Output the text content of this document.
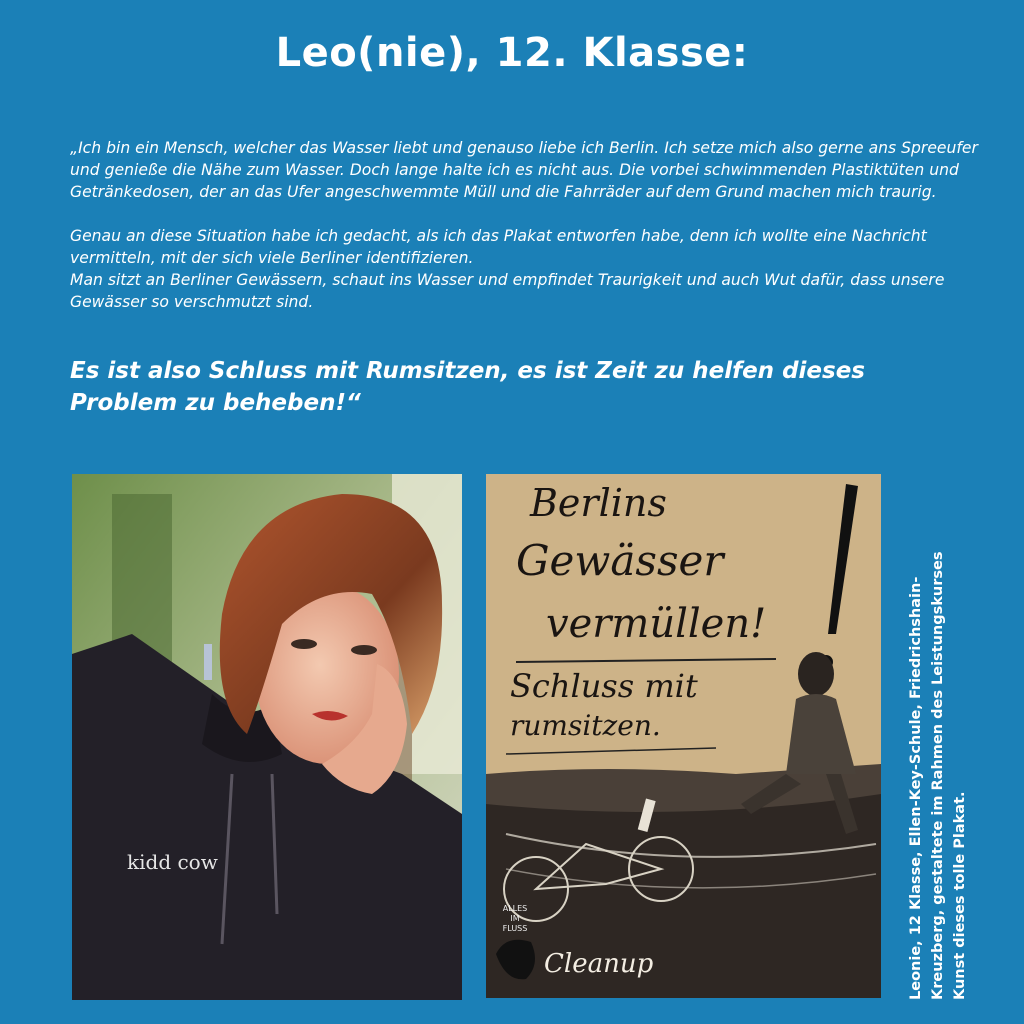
Leo(nie), 12. Klasse:

„Ich bin ein Mensch, welcher das Wasser liebt und genauso liebe ich Berlin. Ich setze mich also gerne ans Spreeufer und genieße die Nähe zum Wasser. Doch lange halte ich es nicht aus. Die vorbei schwimmenden Plastiktüten und Getränkedosen, der an das Ufer angeschwemmte Müll und die Fahrräder auf dem Grund machen mich traurig.

Genau an diese Situation habe ich gedacht, als ich das Plakat entworfen habe, denn ich wollte eine Nachricht vermitteln, mit der sich viele Berliner identifizieren.

Man sitzt an Berliner Gewässern, schaut ins Wasser und empfindet Traurigkeit und auch Wut dafür, dass unsere Gewässer so verschmutzt sind.

Es ist also Schluss mit Rumsitzen, es ist Zeit zu helfen dieses Problem zu beheben!“
kidd cow
Berlins
Gewässer
vermüllen!
Schluss mit
rumsitzen.
ALLES
IM
FLUSS
Cleanup	Leonie, 12 Klasse, Ellen-Key-Schule, Friedrichshain- Kreuzberg, gestaltete im Rahmen des Leistungskurses Kunst dieses tolle Plakat.
